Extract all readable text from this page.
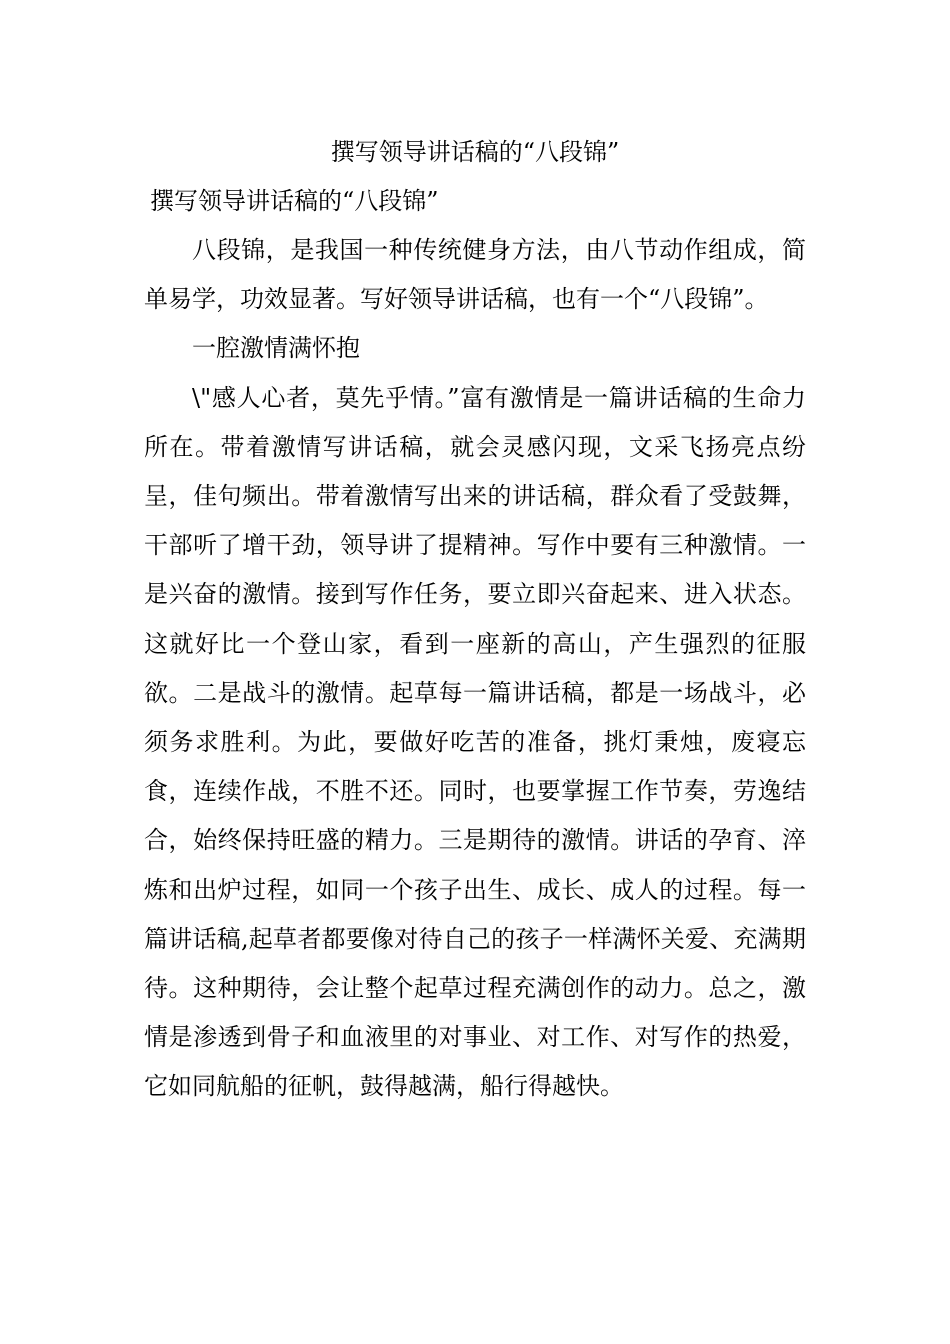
撰写领导讲话稿的“八段锦”
撰写领导讲话稿的“八段锦”

八段锦，是我国一种传统健身方法，由八节动作组成，简单易学，功效显著。写好领导讲话稿，也有一个“八段锦”。

一腔激情满怀抱

\"感人心者，莫先乎情。”富有激情是一篇讲话稿的生命力所在。带着激情写讲话稿，就会灵感闪现，文采飞扬亮点纷呈，佳句频出。带着激情写出来的讲话稿，群众看了受鼓舞，干部听了增干劲，领导讲了提精神。写作中要有三种激情。一是兴奋的激情。接到写作任务，要立即兴奋起来、进入状态。这就好比一个登山家，看到一座新的高山，产生强烈的征服欲。二是战斗的激情。起草每一篇讲话稿，都是一场战斗，必须务求胜利。为此，要做好吃苦的准备，挑灯秉烛，废寝忘食，连续作战，不胜不还。同时，也要掌握工作节奏，劳逸结合，始终保持旺盛的精力。三是期待的激情。讲话的孕育、淬炼和出炉过程，如同一个孩子出生、成长、成人的过程。每一篇讲话稿,起草者都要像对待自己的孩子一样满怀关爱、充满期待。这种期待，会让整个起草过程充满创作的动力。总之，激情是渗透到骨子和血液里的对事业、对工作、对写作的热爱，它如同航船的征帆，鼓得越满，船行得越快。
